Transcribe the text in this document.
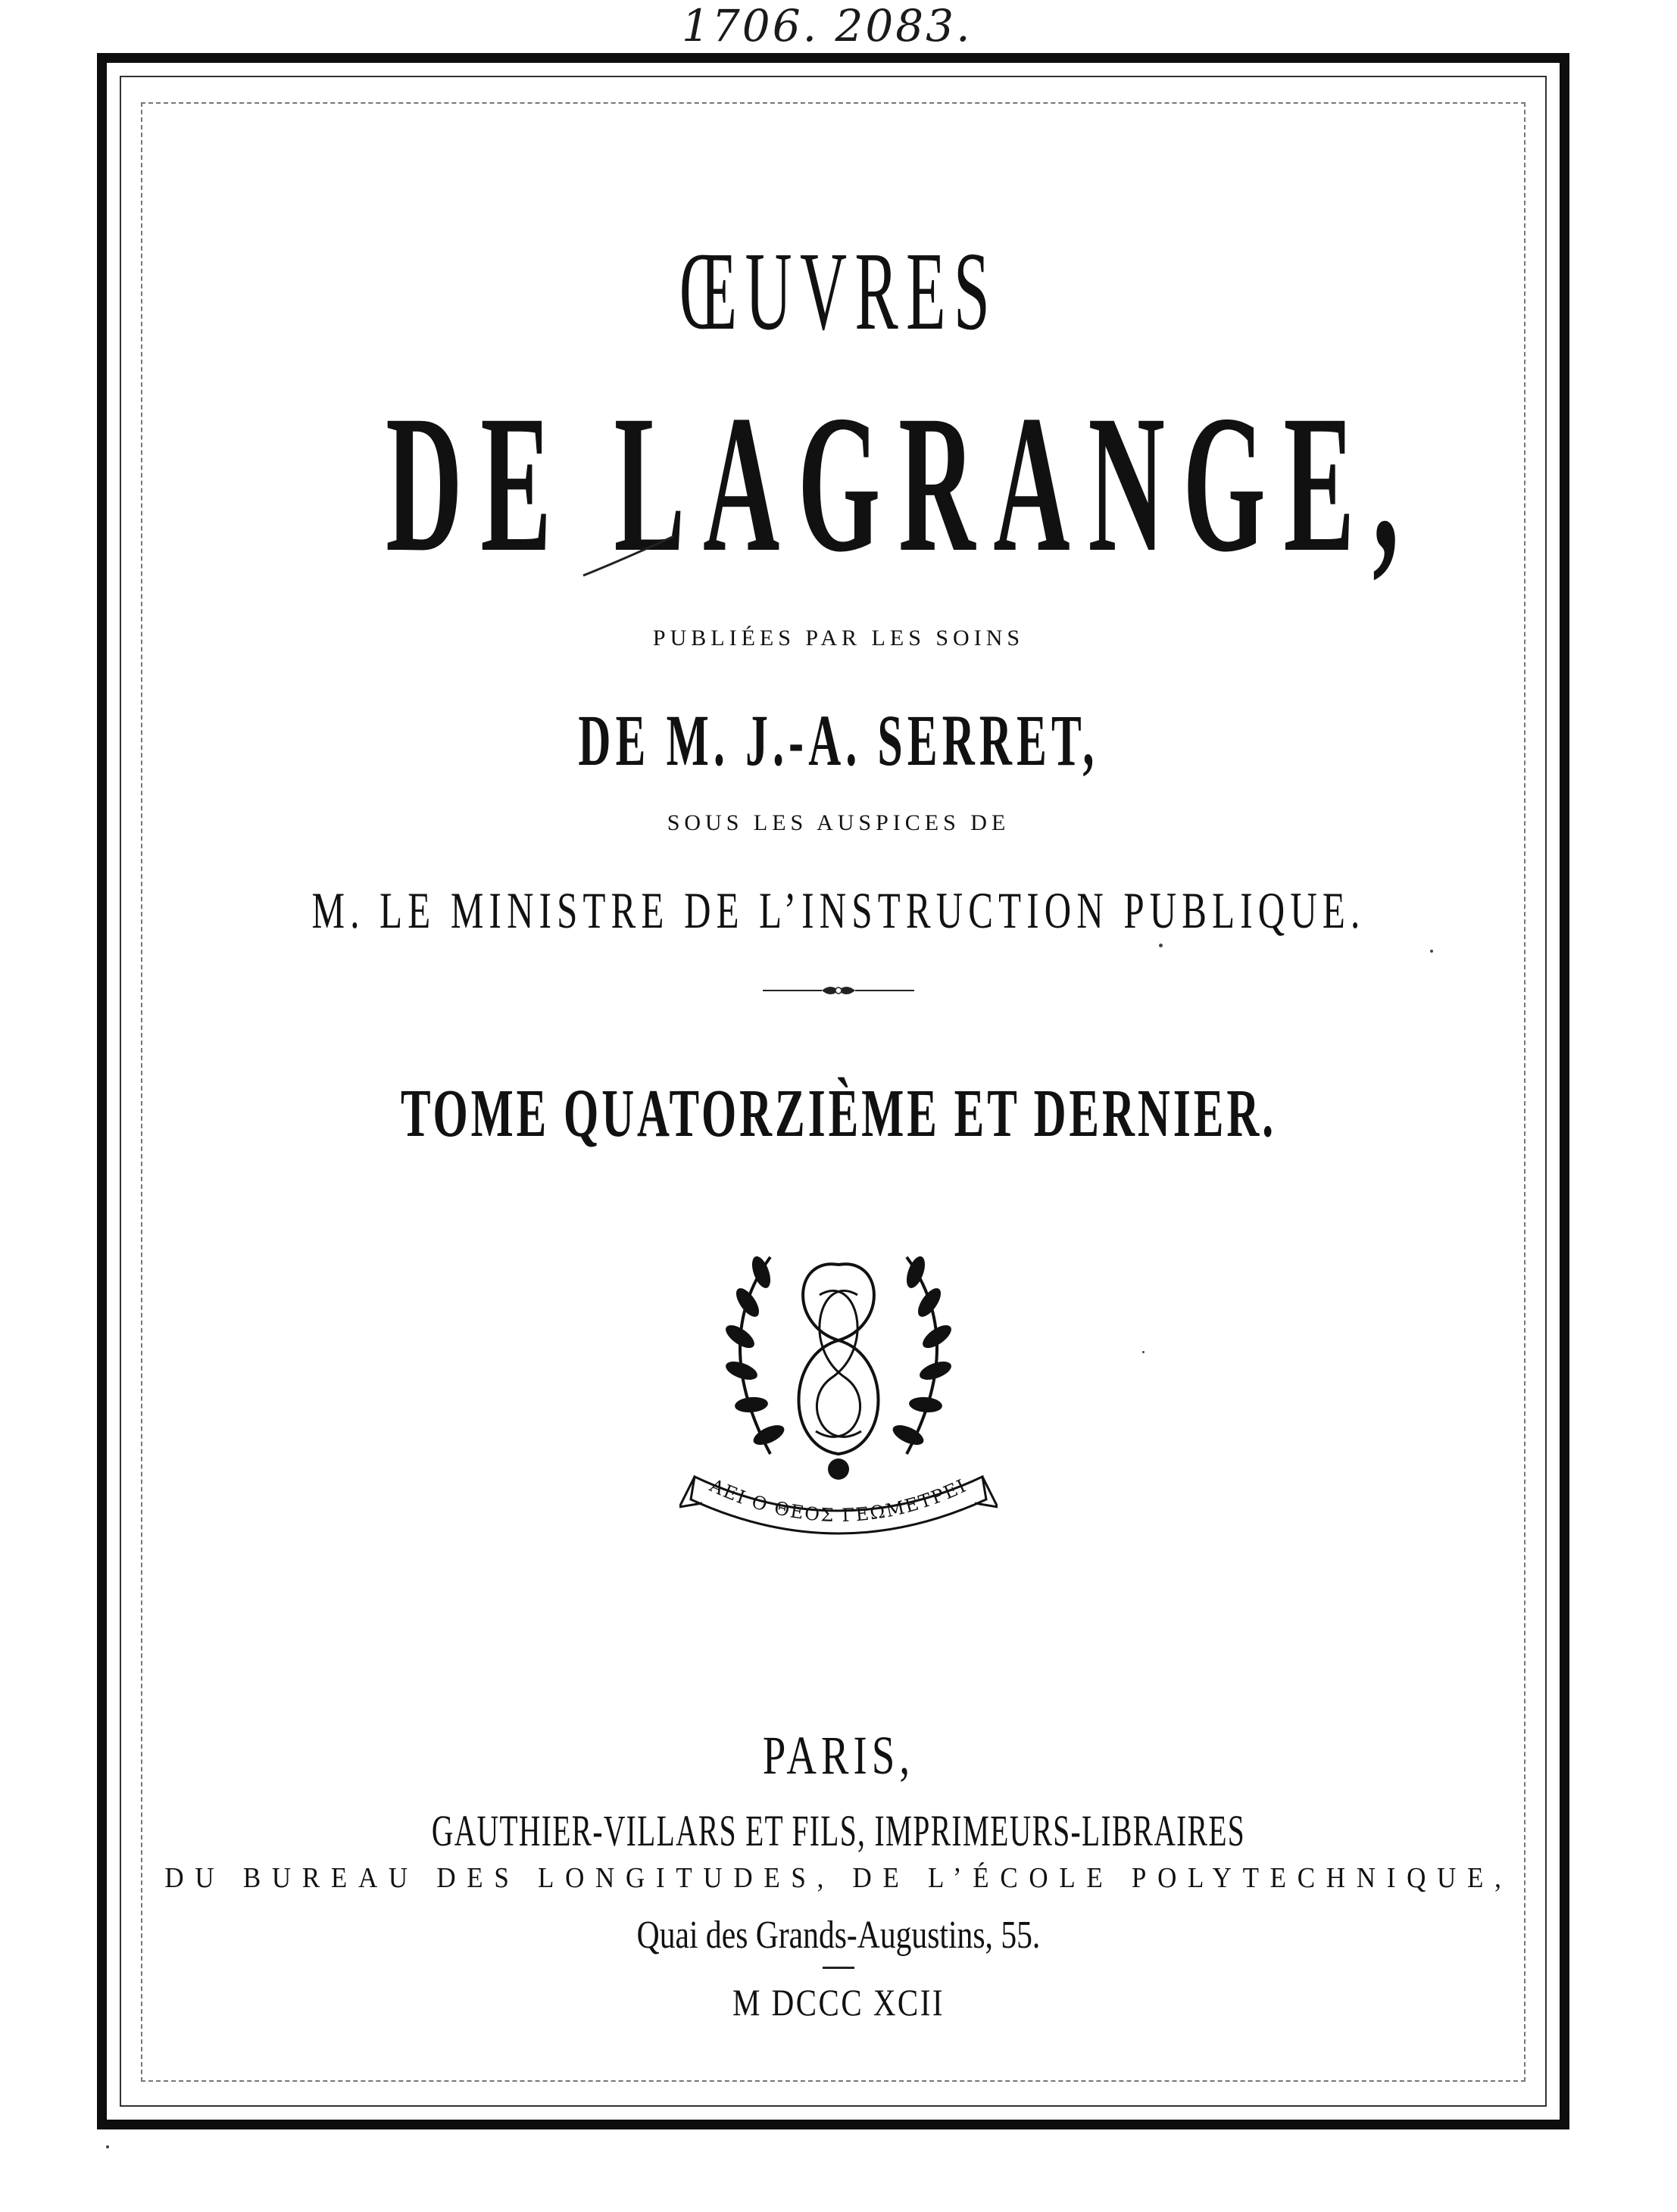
1706. 2083.
ŒUVRES
DE LAGRANGE,
PUBLIÉES PAR LES SOINS
DE M. J.-A. SERRET,
SOUS LES AUSPICES DE
M. LE MINISTRE DE L’INSTRUCTION PUBLIQUE.
TOME QUATORZIÈME ET DERNIER.
ΑΕΙ Ο ΘΕΟΣ ΓΕΩΜΕΤΡΕΙ
PARIS,
GAUTHIER-VILLARS ET FILS, IMPRIMEURS-LIBRAIRES
DU BUREAU DES LONGITUDES, DE L’ÉCOLE POLYTECHNIQUE,
Quai des Grands-Augustins, 55.
M DCCC XCII
